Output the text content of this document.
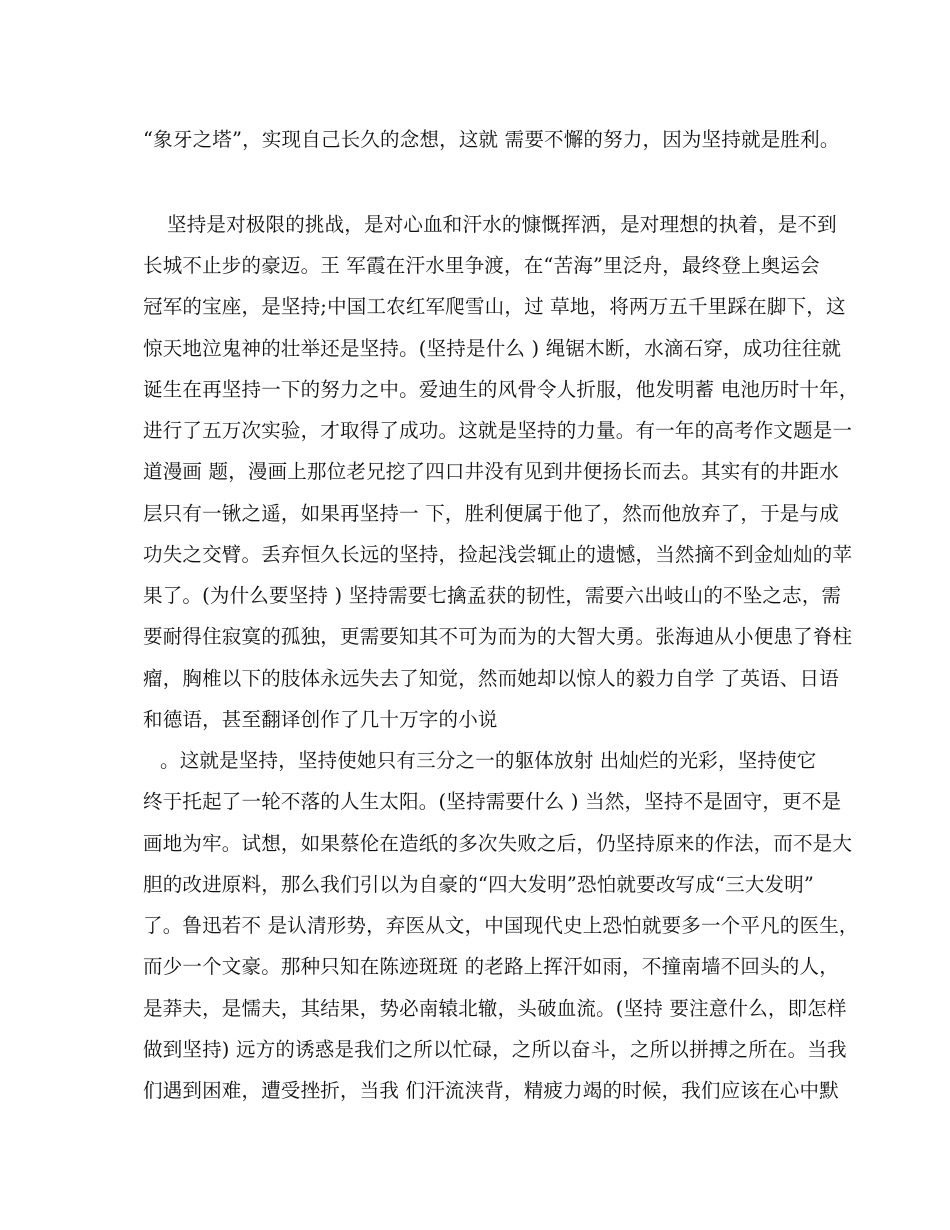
“象牙之塔”，实现自己长久的念想，这就 需要不懈的努力，因为坚持就是胜利。
坚持是对极限的挑战，是对心血和汗水的慷慨挥洒，是对理想的执着，是不到
长城不止步的豪迈。王 军霞在汗水里争渡，在“苦海”里泛舟，最终登上奥运会
冠军的宝座，是坚持;中国工农红军爬雪山，过 草地，将两万五千里踩在脚下，这
惊天地泣鬼神的壮举还是坚持。(坚持是什么 ) 绳锯木断，水滴石穿，成功往往就
诞生在再坚持一下的努力之中。爱迪生的风骨令人折服，他发明蓄 电池历时十年，
进行了五万次实验，才取得了成功。这就是坚持的力量。有一年的高考作文题是一
道漫画 题，漫画上那位老兄挖了四口井没有见到井便扬长而去。其实有的井距水
层只有一锹之遥，如果再坚持一 下，胜利便属于他了，然而他放弃了，于是与成
功失之交臂。丢弃恒久长远的坚持，捡起浅尝辄止的遗憾，当然摘不到金灿灿的苹
果了。(为什么要坚持 ) 坚持需要七擒孟获的韧性，需要六出岐山的不坠之志，需
要耐得住寂寞的孤独，更需要知其不可为而为的大智大勇。张海迪从小便患了脊柱
瘤，胸椎以下的肢体永远失去了知觉，然而她却以惊人的毅力自学 了英语、日语
和德语，甚至翻译创作了几十万字的小说
。这就是坚持，坚持使她只有三分之一的躯体放射 出灿烂的光彩，坚持使它
终于托起了一轮不落的人生太阳。(坚持需要什么 ) 当然，坚持不是固守，更不是
画地为牢。试想，如果蔡伦在造纸的多次失败之后，仍坚持原来的作法，而不是大
胆的改进原料，那么我们引以为自豪的“四大发明”恐怕就要改写成“三大发明”
了。鲁迅若不 是认清形势，弃医从文，中国现代史上恐怕就要多一个平凡的医生，
而少一个文豪。那种只知在陈迹斑斑 的老路上挥汗如雨，不撞南墙不回头的人，
是莽夫，是懦夫，其结果，势必南辕北辙，头破血流。(坚持 要注意什么，即怎样
做到坚持) 远方的诱惑是我们之所以忙碌，之所以奋斗，之所以拼搏之所在。当我
们遇到困难，遭受挫折，当我 们汗流浃背，精疲力竭的时候，我们应该在心中默
